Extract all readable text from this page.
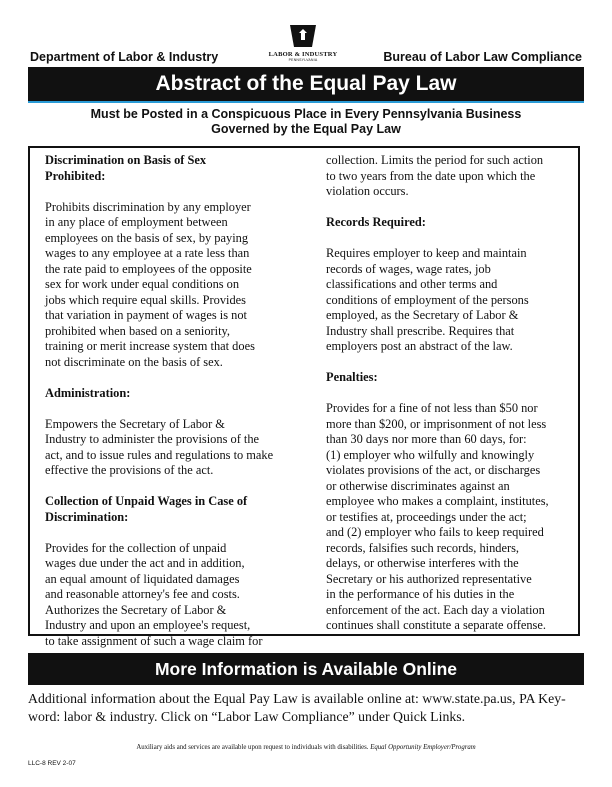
Department of Labor & Industry	LABOR & INDUSTRY
PENNSYLVANIA	Bureau of Labor Law Compliance
Abstract of the Equal Pay Law
Must be Posted in a Conspicuous Place in Every Pennsylvania Business
Governed by the Equal Pay Law

Discrimination on Basis of Sex

Prohibited:

Prohibits discrimination by any employer

in any place of employment between

employees on the basis of sex, by paying

wages to any employee at a rate less than

the rate paid to employees of the opposite

sex for work under equal conditions on

jobs which require equal skills. Provides

that variation in payment of wages is not

prohibited when based on a seniority,

training or merit increase system that does

not discriminate on the basis of sex.

Administration:

Empowers the Secretary of Labor &

Industry to administer the provisions of the

act, and to issue rules and regulations to make

effective the provisions of the act.

Collection of Unpaid Wages in Case of

Discrimination:

Provides for the collection of unpaid

wages due under the act and in addition,

an equal amount of liquidated damages

and reasonable attorney's fee and costs.

Authorizes the Secretary of Labor &

Industry and upon an employee's request,

to take assignment of such a wage claim for

collection. Limits the period for such action

to two years from the date upon which the

violation occurs.

Records Required:

Requires employer to keep and maintain

records of wages, wage rates, job

classifications and other terms and

conditions of employment of the persons

employed, as the Secretary of Labor &

Industry shall prescribe. Requires that

employers post an abstract of the law.

Penalties:

Provides for a fine of not less than $50 nor

more than $200, or imprisonment of not less

than 30 days nor more than 60 days, for:

(1) employer who wilfully and knowingly

violates provisions of the act, or discharges

or otherwise discriminates against an

employee who makes a complaint, institutes,

or testifies at, proceedings under the act;

and (2) employer who fails to keep required

records, falsifies such records, hinders,

delays, or otherwise interferes with the

Secretary or his authorized representative

in the performance of his duties in the

enforcement of the act. Each day a violation

continues shall constitute a separate offense.

More Information is Available Online
Additional information about the Equal Pay Law is available online at: www.state.pa.us, PA Key-
word: labor & industry. Click on “Labor Law Compliance” under Quick Links.
Auxiliary aids and services are available upon request to individuals with disabilities. Equal Opportunity Employer/Program
LLC-8 REV 2-07
